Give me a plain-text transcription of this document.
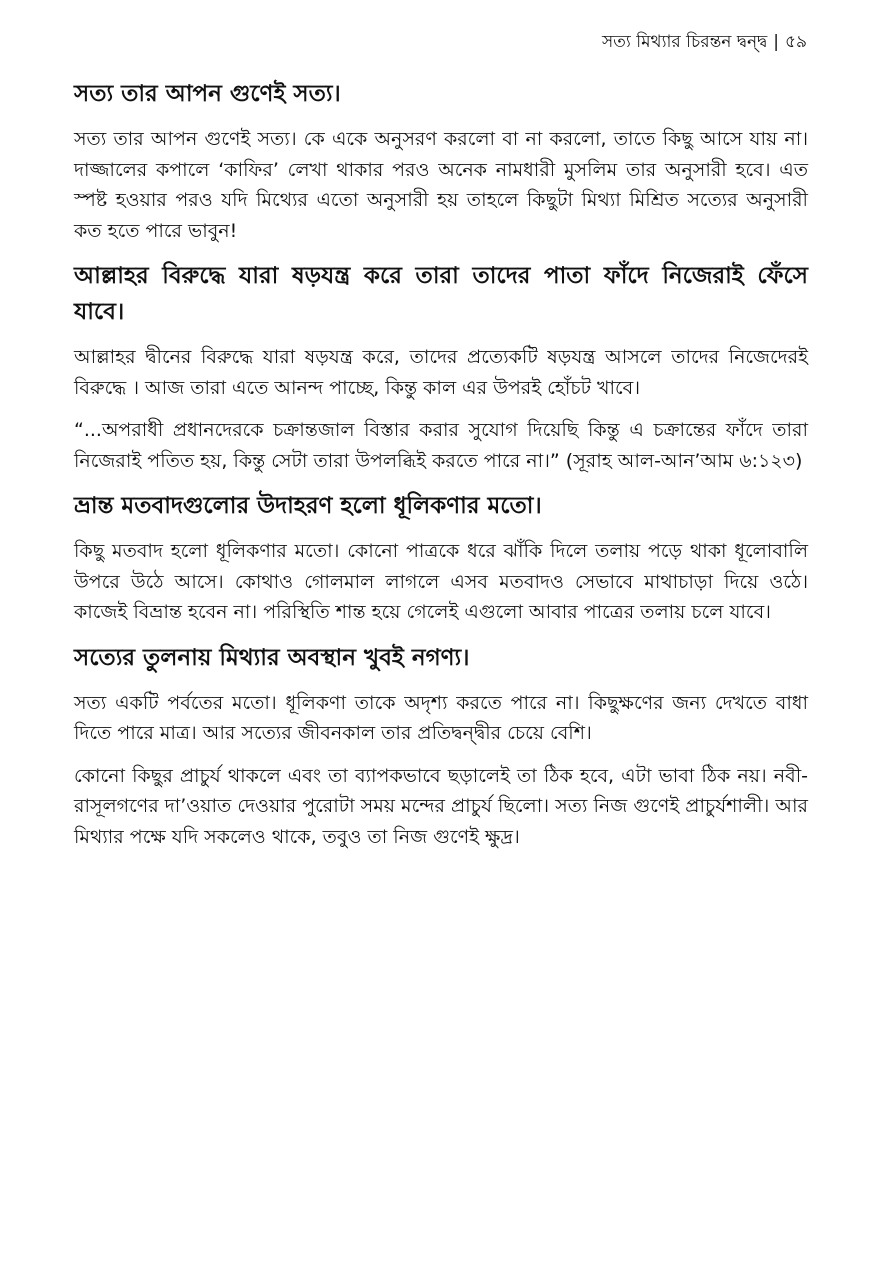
সত্য মিথ্যার চিরন্তন দ্বন্দ্ব | ৫৯
সত্য তার আপন গুণেই সত্য।

সত্য তার আপন গুণেই সত্য। কে একে অনুসরণ করলো বা না করলো, তাতে কিছু আসে যায় না। দাজ্জালের কপালে ‘কাফির’ লেখা থাকার পরও অনেক নামধারী মুসলিম তার অনুসারী হবে। এত স্পষ্ট হওয়ার পরও যদি মিথ্যের এতো অনুসারী হয় তাহলে কিছুটা মিথ্যা মিশ্রিত সত্যের অনুসারী কত হতে পারে ভাবুন!

আল্লাহর বিরুদ্ধে যারা ষড়যন্ত্র করে তারা তাদের পাতা ফাঁদে নিজেরাই ফেঁসে যাবে।

আল্লাহর দ্বীনের বিরুদ্ধে যারা ষড়যন্ত্র করে, তাদের প্রত্যেকটি ষড়যন্ত্র আসলে তাদের নিজেদেরই বিরুদ্ধে । আজ তারা এতে আনন্দ পাচ্ছে, কিন্তু কাল এর উপরই হোঁচট খাবে।

“...অপরাধী প্রধানদেরকে চক্রান্তজাল বিস্তার করার সুযোগ দিয়েছি কিন্তু এ চক্রান্তের ফাঁদে তারা নিজেরাই পতিত হয়, কিন্তু সেটা তারা উপলব্ধিই করতে পারে না।” (সূরাহ আল-আন’আম ৬:১২৩)

ভ্রান্ত মতবাদগুলোর উদাহরণ হলো ধূলিকণার মতো।

কিছু মতবাদ হলো ধূলিকণার মতো। কোনো পাত্রকে ধরে ঝাঁকি দিলে তলায় পড়ে থাকা ধূলোবালি উপরে উঠে আসে। কোথাও গোলমাল লাগলে এসব মতবাদও সেভাবে মাথাচাড়া দিয়ে ওঠে। কাজেই বিভ্রান্ত হবেন না। পরিস্থিতি শান্ত হয়ে গেলেই এগুলো আবার পাত্রের তলায় চলে যাবে।

সত্যের তুলনায় মিথ্যার অবস্থান খুবই নগণ্য।

সত্য একটি পর্বতের মতো। ধূলিকণা তাকে অদৃশ্য করতে পারে না। কিছুক্ষণের জন্য দেখতে বাধা দিতে পারে মাত্র। আর সত্যের জীবনকাল তার প্রতিদ্বন্দ্বীর চেয়ে বেশি।

কোনো কিছুর প্রাচুর্য থাকলে এবং তা ব্যাপকভাবে ছড়ালেই তা ঠিক হবে, এটা ভাবা ঠিক নয়। নবী-রাসূলগণের দা’ওয়াত দেওয়ার পুরোটা সময় মন্দের প্রাচুর্য ছিলো। সত্য নিজ গুণেই প্রাচুর্যশালী। আর মিথ্যার পক্ষে যদি সকলেও থাকে, তবুও তা নিজ গুণেই ক্ষুদ্র।
